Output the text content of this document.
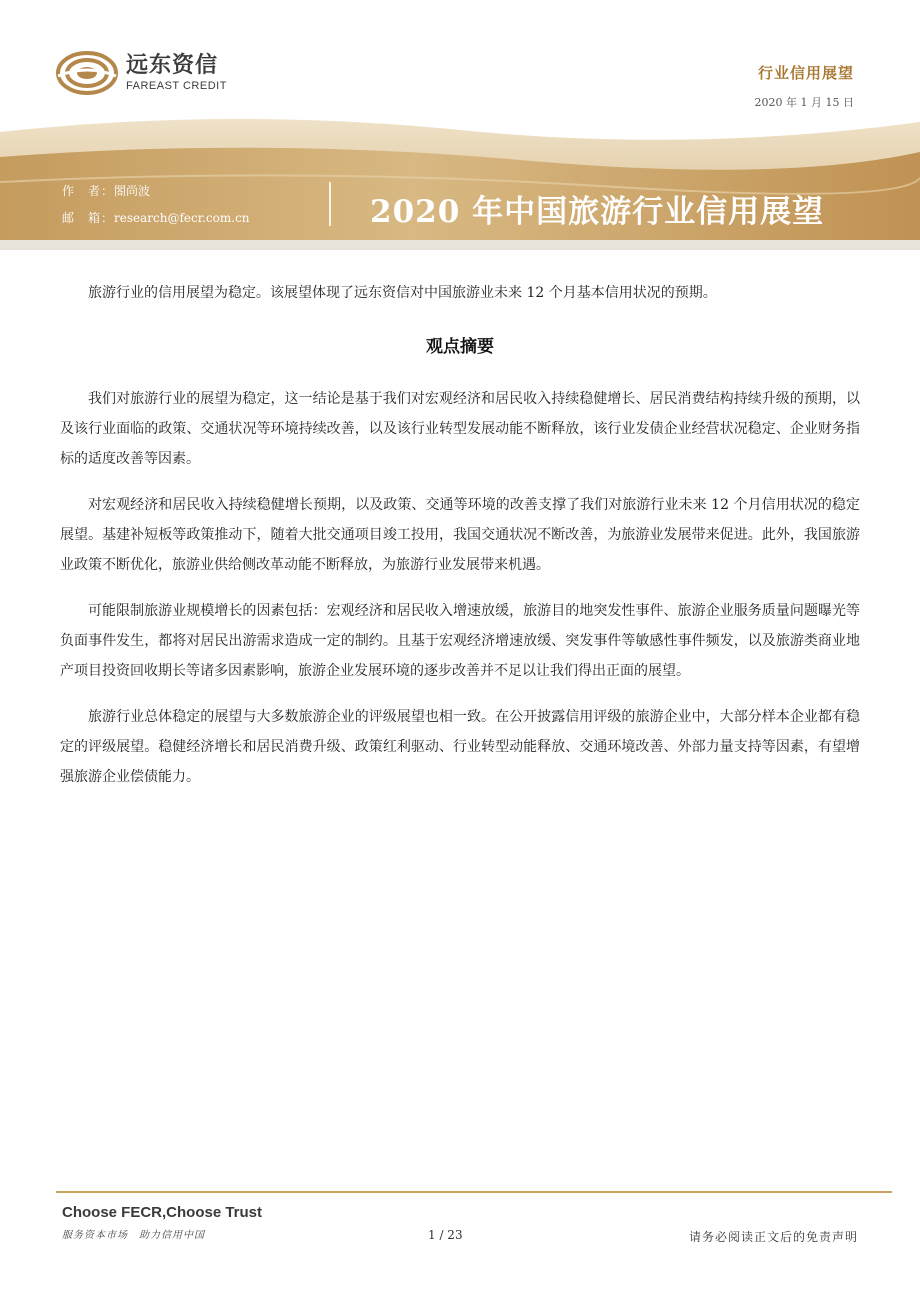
远东资信
FAREAST CREDIT
行业信用展望
2020 年 1 月 15 日
作　者：閤尚波
邮　箱：research@fecr.com.cn	2020 年中国旅游行业信用展望

旅游行业的信用展望为稳定。该展望体现了远东资信对中国旅游业未来 12 个月基本信用状况的预期。

观点摘要

我们对旅游行业的展望为稳定，这一结论是基于我们对宏观经济和居民收入持续稳健增长、居民消费结构持续升级的预期，以及该行业面临的政策、交通状况等环境持续改善，以及该行业转型发展动能不断释放，该行业发债企业经营状况稳定、企业财务指标的适度改善等因素。

对宏观经济和居民收入持续稳健增长预期，以及政策、交通等环境的改善支撑了我们对旅游行业未来 12 个月信用状况的稳定展望。基建补短板等政策推动下，随着大批交通项目竣工投用，我国交通状况不断改善，为旅游业发展带来促进。此外，我国旅游业政策不断优化，旅游业供给侧改革动能不断释放，为旅游行业发展带来机遇。

可能限制旅游业规模增长的因素包括：宏观经济和居民收入增速放缓，旅游目的地突发性事件、旅游企业服务质量问题曝光等负面事件发生，都将对居民出游需求造成一定的制约。且基于宏观经济增速放缓、突发事件等敏感性事件频发，以及旅游类商业地产项目投资回收期长等诸多因素影响，旅游企业发展环境的逐步改善并不足以让我们得出正面的展望。

旅游行业总体稳定的展望与大多数旅游企业的评级展望也相一致。在公开披露信用评级的旅游企业中，大部分样本企业都有稳定的评级展望。稳健经济增长和居民消费升级、政策红利驱动、行业转型动能释放、交通环境改善、外部力量支持等因素，有望增强旅游企业偿债能力。

Choose FECR,Choose Trust
服务资本市场　助力信用中国	1 / 23	请务必阅读正文后的免责声明
